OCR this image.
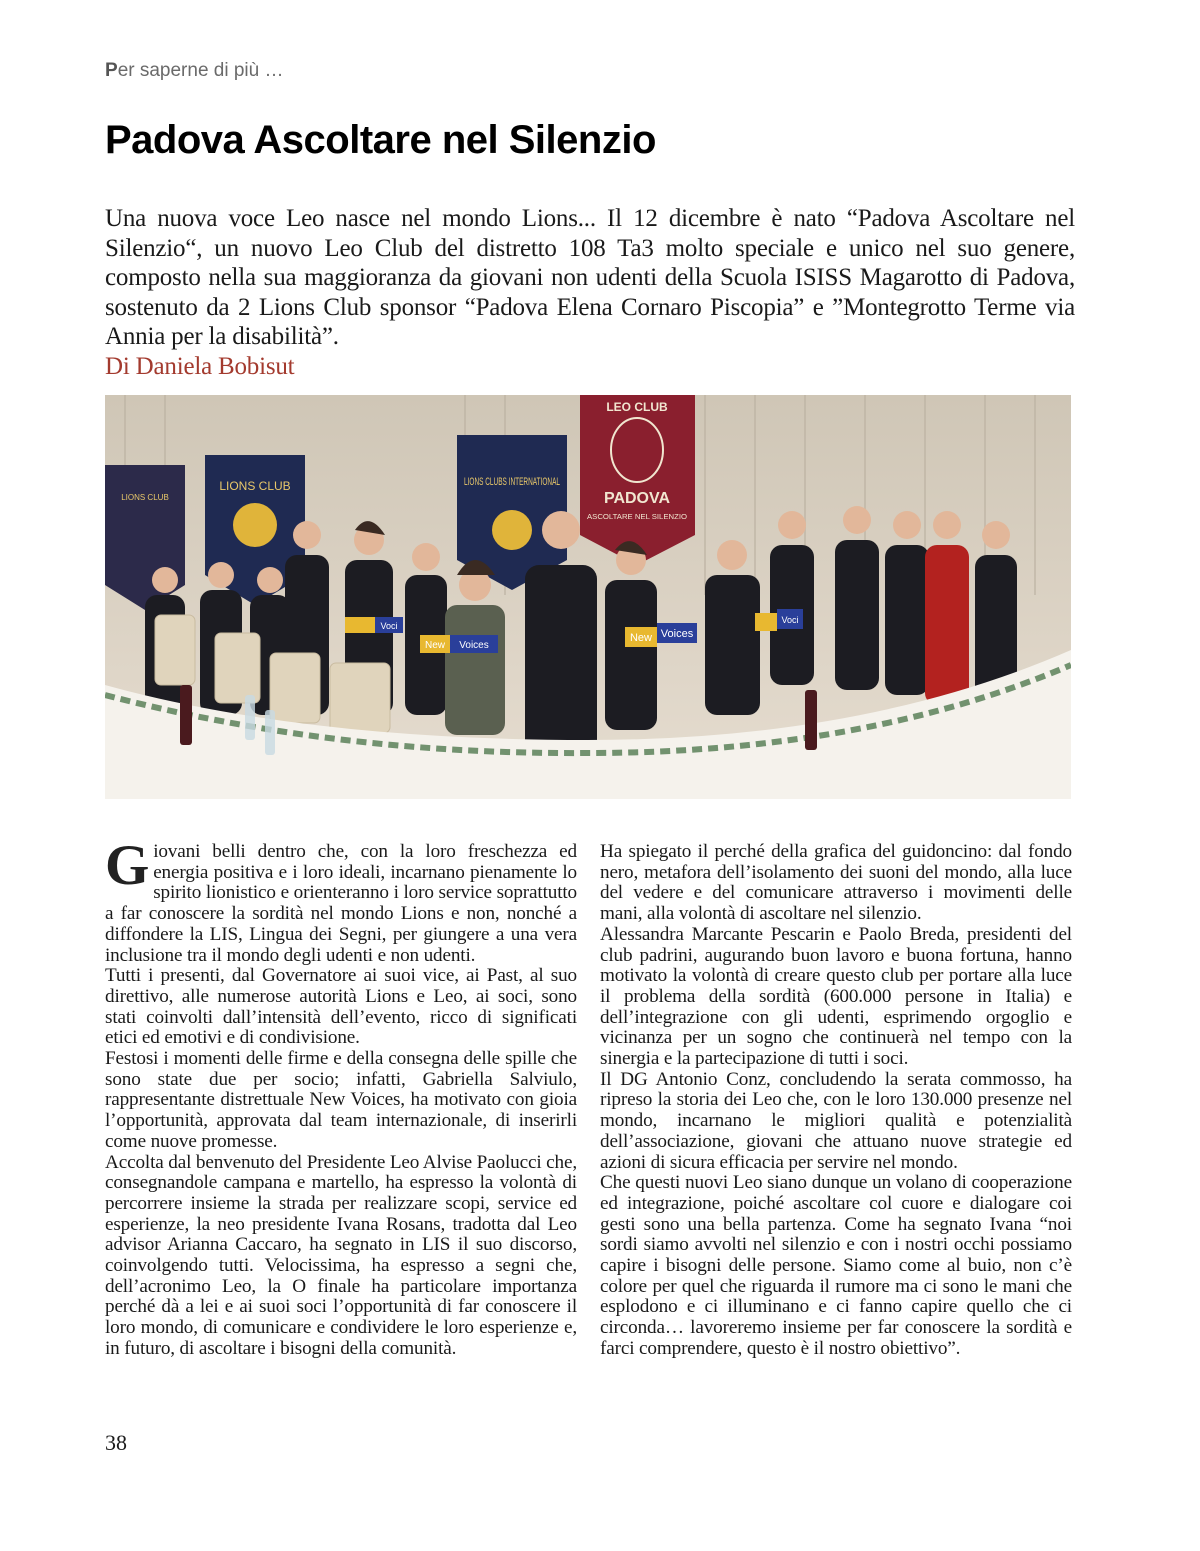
Per saperne di più …
Padova Ascoltare nel Silenzio

Una nuova voce Leo nasce nel mondo Lions... Il 12 dicembre è nato “Padova Ascoltare nel Silenzio“, un nuovo Leo Club del distretto 108 Ta3 molto speciale e unico nel suo genere, composto nella sua maggioranza da giovani non udenti della Scuola ISISS Magarotto di Padova, sostenuto da 2 Lions Club sponsor “Padova Elena Cornaro Piscopia” e ”Montegrotto Terme via Annia per la disabilità”.
Di Daniela Bobisut

LIONS CLUB
LIONS CLUB	LIONS CLUBS INTERNATIONAL
LEO CLUB
PADOVA
ASCOLTARE NEL SILENZIO
Voci
New Voices
New Voices
Voci

Giovani belli dentro che, con la loro freschezza ed energia positiva e i loro ideali, incarnano pienamente lo spirito lionistico e orienteranno i loro service soprattutto a far conoscere la sordità nel mondo Lions e non, nonché a diffondere la LIS, Lingua dei Segni, per giungere a una vera inclusione tra il mondo degli udenti e non udenti.

Tutti i presenti, dal Governatore ai suoi vice, ai Past, al suo direttivo, alle numerose autorità Lions e Leo, ai soci, sono stati coinvolti dall’intensità dell’evento, ricco di significati etici ed emotivi e di condivisione.

Festosi i momenti delle firme e della consegna delle spille che sono state due per socio; infatti, Gabriella Salviulo, rappresentante distrettuale New Voices, ha motivato con gioia l’opportunità, approvata dal team internazionale, di inserirli come nuove promesse.

Accolta dal benvenuto del Presidente Leo Alvise Paolucci che, consegnandole campana e martello, ha espresso la volontà di percorrere insieme la strada per realizzare scopi, service ed esperienze, la neo presidente Ivana Rosans, tradotta dal Leo advisor Arianna Caccaro, ha segnato in LIS il suo discorso, coinvolgendo tutti. Velocissima, ha espresso a segni che, dell’acronimo Leo, la O finale ha particolare importanza perché dà a lei e ai suoi soci l’opportunità di far conoscere il loro mondo, di comunicare e condividere le loro esperienze e, in futuro, di ascoltare i bisogni della comunità.

Ha spiegato il perché della grafica del guidoncino: dal fondo nero, metafora dell’isolamento dei suoni del mondo, alla luce del vedere e del comunicare attraverso i movimenti delle mani, alla volontà di ascoltare nel silenzio.

Alessandra Marcante Pescarin e Paolo Breda, presidenti del club padrini, augurando buon lavoro e buona fortuna, hanno motivato la volontà di creare questo club per portare alla luce il problema della sordità (600.000 persone in Italia) e dell’integrazione con gli udenti, esprimendo orgoglio e vicinanza per un sogno che continuerà nel tempo con la sinergia e la partecipazione di tutti i soci.

Il DG Antonio Conz, concludendo la serata commosso, ha ripreso la storia dei Leo che, con le loro 130.000 presenze nel mondo, incarnano le migliori qualità e potenzialità dell’associazione, giovani che attuano nuove strategie ed azioni di sicura efficacia per servire nel mondo.

Che questi nuovi Leo siano dunque un volano di cooperazione ed integrazione, poiché ascoltare col cuore e dialogare coi gesti sono una bella partenza. Come ha segnato Ivana “noi sordi siamo avvolti nel silenzio e con i nostri occhi possiamo capire i bisogni delle persone. Siamo come al buio, non c’è colore per quel che riguarda il rumore ma ci sono le mani che esplodono e ci illuminano e ci fanno capire quello che ci circonda… lavoreremo insieme per far conoscere la sordità e farci comprendere, questo è il nostro obiettivo”.

38
